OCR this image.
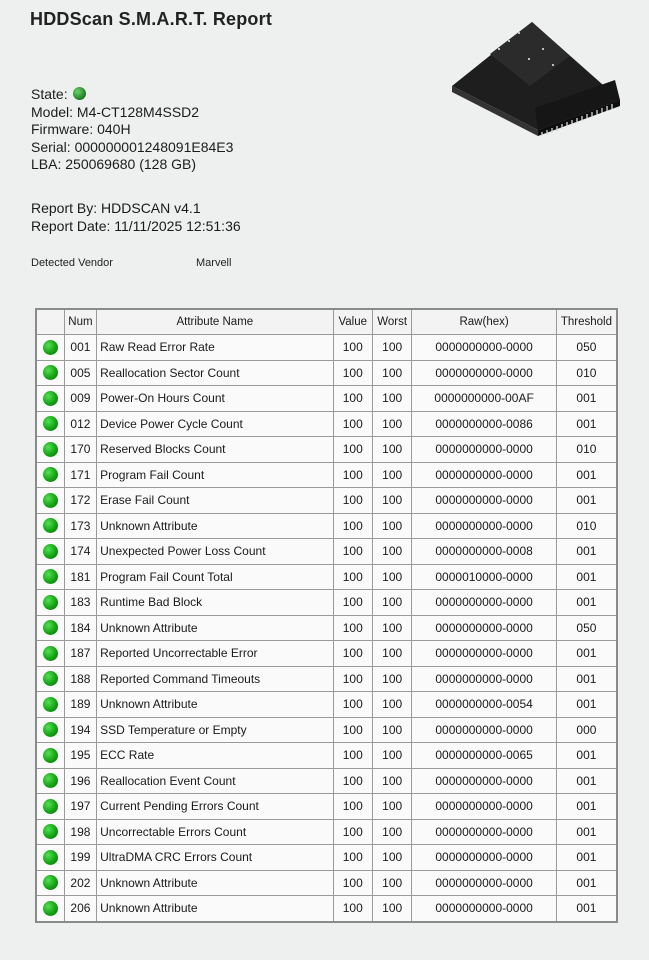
HDDScan S.M.A.R.T. Report
State:
Model: M4-CT128M4SSD2
Firmware: 040H
Serial: 000000001248091E84E3
LBA: 250069680 (128 GB)
Report By: HDDSCAN v4.1
Report Date: 11/11/2025 12:51:36
Detected Vendor	Marvell
	Num	Attribute Name	Value	Worst	Raw(hex)	Threshold
	001	Raw Read Error Rate	100	100	0000000000-0000	050
	005	Reallocation Sector Count	100	100	0000000000-0000	010
	009	Power-On Hours Count	100	100	0000000000-00AF	001
	012	Device Power Cycle Count	100	100	0000000000-0086	001
	170	Reserved Blocks Count	100	100	0000000000-0000	010
	171	Program Fail Count	100	100	0000000000-0000	001
	172	Erase Fail Count	100	100	0000000000-0000	001
	173	Unknown Attribute	100	100	0000000000-0000	010
	174	Unexpected Power Loss Count	100	100	0000000000-0008	001
	181	Program Fail Count Total	100	100	0000010000-0000	001
	183	Runtime Bad Block	100	100	0000000000-0000	001
	184	Unknown Attribute	100	100	0000000000-0000	050
	187	Reported Uncorrectable Error	100	100	0000000000-0000	001
	188	Reported Command Timeouts	100	100	0000000000-0000	001
	189	Unknown Attribute	100	100	0000000000-0054	001
	194	SSD Temperature or Empty	100	100	0000000000-0000	000
	195	ECC Rate	100	100	0000000000-0065	001
	196	Reallocation Event Count	100	100	0000000000-0000	001
	197	Current Pending Errors Count	100	100	0000000000-0000	001
	198	Uncorrectable Errors Count	100	100	0000000000-0000	001
	199	UltraDMA CRC Errors Count	100	100	0000000000-0000	001
	202	Unknown Attribute	100	100	0000000000-0000	001
	206	Unknown Attribute	100	100	0000000000-0000	001
